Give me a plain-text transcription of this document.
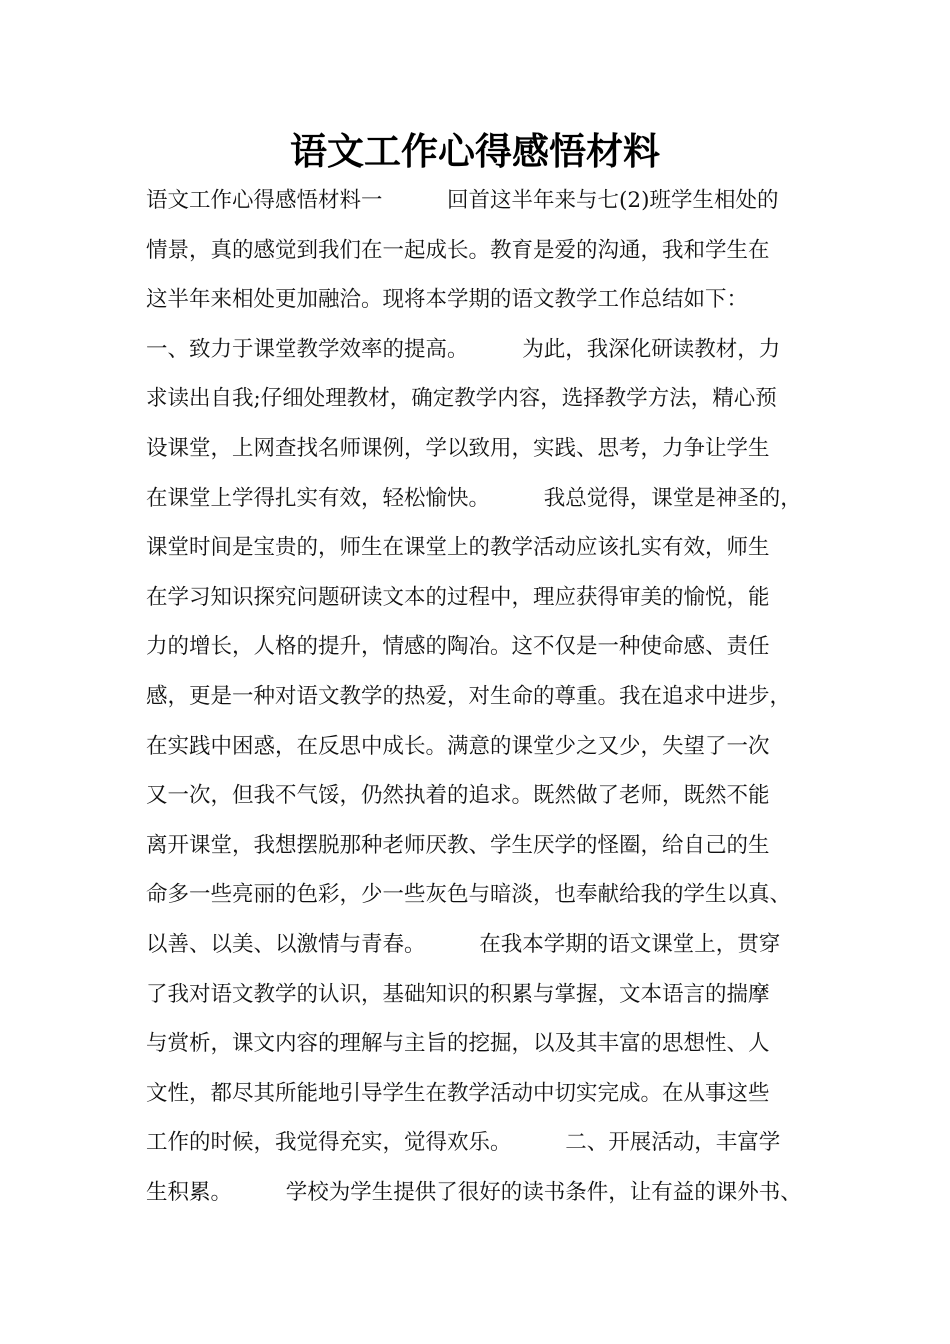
语文工作心得感悟材料
语文工作心得感悟材料一　　　回首这半年来与七(2)班学生相处的
情景，真的感觉到我们在一起成长。教育是爱的沟通，我和学生在
这半年来相处更加融洽。现将本学期的语文教学工作总结如下：
一、致力于课堂教学效率的提高。　　　为此，我深化研读教材，力
求读出自我;仔细处理教材，确定教学内容，选择教学方法，精心预
设课堂，上网查找名师课例，学以致用，实践、思考，力争让学生
在课堂上学得扎实有效，轻松愉快。　　　我总觉得，课堂是神圣的，
课堂时间是宝贵的，师生在课堂上的教学活动应该扎实有效，师生
在学习知识探究问题研读文本的过程中，理应获得审美的愉悦，能
力的增长，人格的提升，情感的陶冶。这不仅是一种使命感、责任
感，更是一种对语文教学的热爱，对生命的尊重。我在追求中进步，
在实践中困惑，在反思中成长。满意的课堂少之又少，失望了一次
又一次，但我不气馁，仍然执着的追求。既然做了老师，既然不能
离开课堂，我想摆脱那种老师厌教、学生厌学的怪圈，给自己的生
命多一些亮丽的色彩，少一些灰色与暗淡，也奉献给我的学生以真、
以善、以美、以激情与青春。　　　在我本学期的语文课堂上，贯穿
了我对语文教学的认识，基础知识的积累与掌握，文本语言的揣摩
与赏析，课文内容的理解与主旨的挖掘，以及其丰富的思想性、人
文性，都尽其所能地引导学生在教学活动中切实完成。在从事这些
工作的时候，我觉得充实，觉得欢乐。　　　二、开展活动，丰富学
生积累。　　　学校为学生提供了很好的读书条件，让有益的课外书、
